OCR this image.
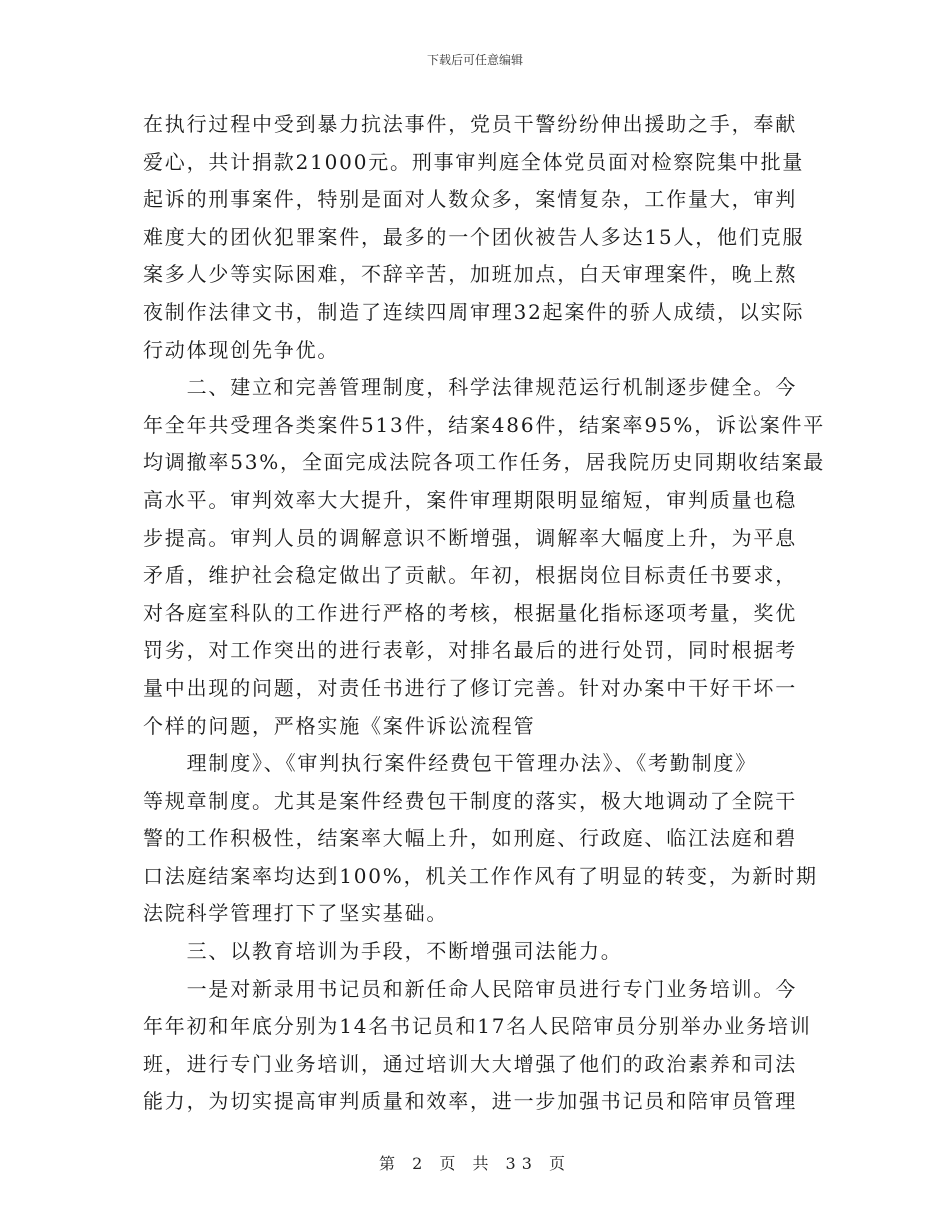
下载后可任意编辑
在执行过程中受到暴力抗法事件，党员干警纷纷伸出援助之手，奉献
爱心，共计捐款21000元。刑事审判庭全体党员面对检察院集中批量
起诉的刑事案件，特别是面对人数众多，案情复杂，工作量大，审判
难度大的团伙犯罪案件，最多的一个团伙被告人多达15人，他们克服
案多人少等实际困难，不辞辛苦，加班加点，白天审理案件，晚上熬
夜制作法律文书，制造了连续四周审理32起案件的骄人成绩，以实际
行动体现创先争优。
　　二、建立和完善管理制度，科学法律规范运行机制逐步健全。今
年全年共受理各类案件513件，结案486件，结案率95%，诉讼案件平
均调撤率53%，全面完成法院各项工作任务，居我院历史同期收结案最
高水平。审判效率大大提升，案件审理期限明显缩短，审判质量也稳
步提高。审判人员的调解意识不断增强，调解率大幅度上升，为平息
矛盾，维护社会稳定做出了贡献。年初，根据岗位目标责任书要求，
对各庭室科队的工作进行严格的考核，根据量化指标逐项考量，奖优
罚劣，对工作突出的进行表彰，对排名最后的进行处罚，同时根据考
量中出现的问题，对责任书进行了修订完善。针对办案中干好干坏一
个样的问题，严格实施《案件诉讼流程管
　　理制度》、《审判执行案件经费包干管理办法》、《考勤制度》
等规章制度。尤其是案件经费包干制度的落实，极大地调动了全院干
警的工作积极性，结案率大幅上升，如刑庭、行政庭、临江法庭和碧
口法庭结案率均达到100%，机关工作作风有了明显的转变，为新时期
法院科学管理打下了坚实基础。
　　三、以教育培训为手段，不断增强司法能力。
　　一是对新录用书记员和新任命人民陪审员进行专门业务培训。今
年年初和年底分别为14名书记员和17名人民陪审员分别举办业务培训
班，进行专门业务培训，通过培训大大增强了他们的政治素养和司法
能力，为切实提高审判质量和效率，进一步加强书记员和陪审员管理
第 2 页 共 33 页
